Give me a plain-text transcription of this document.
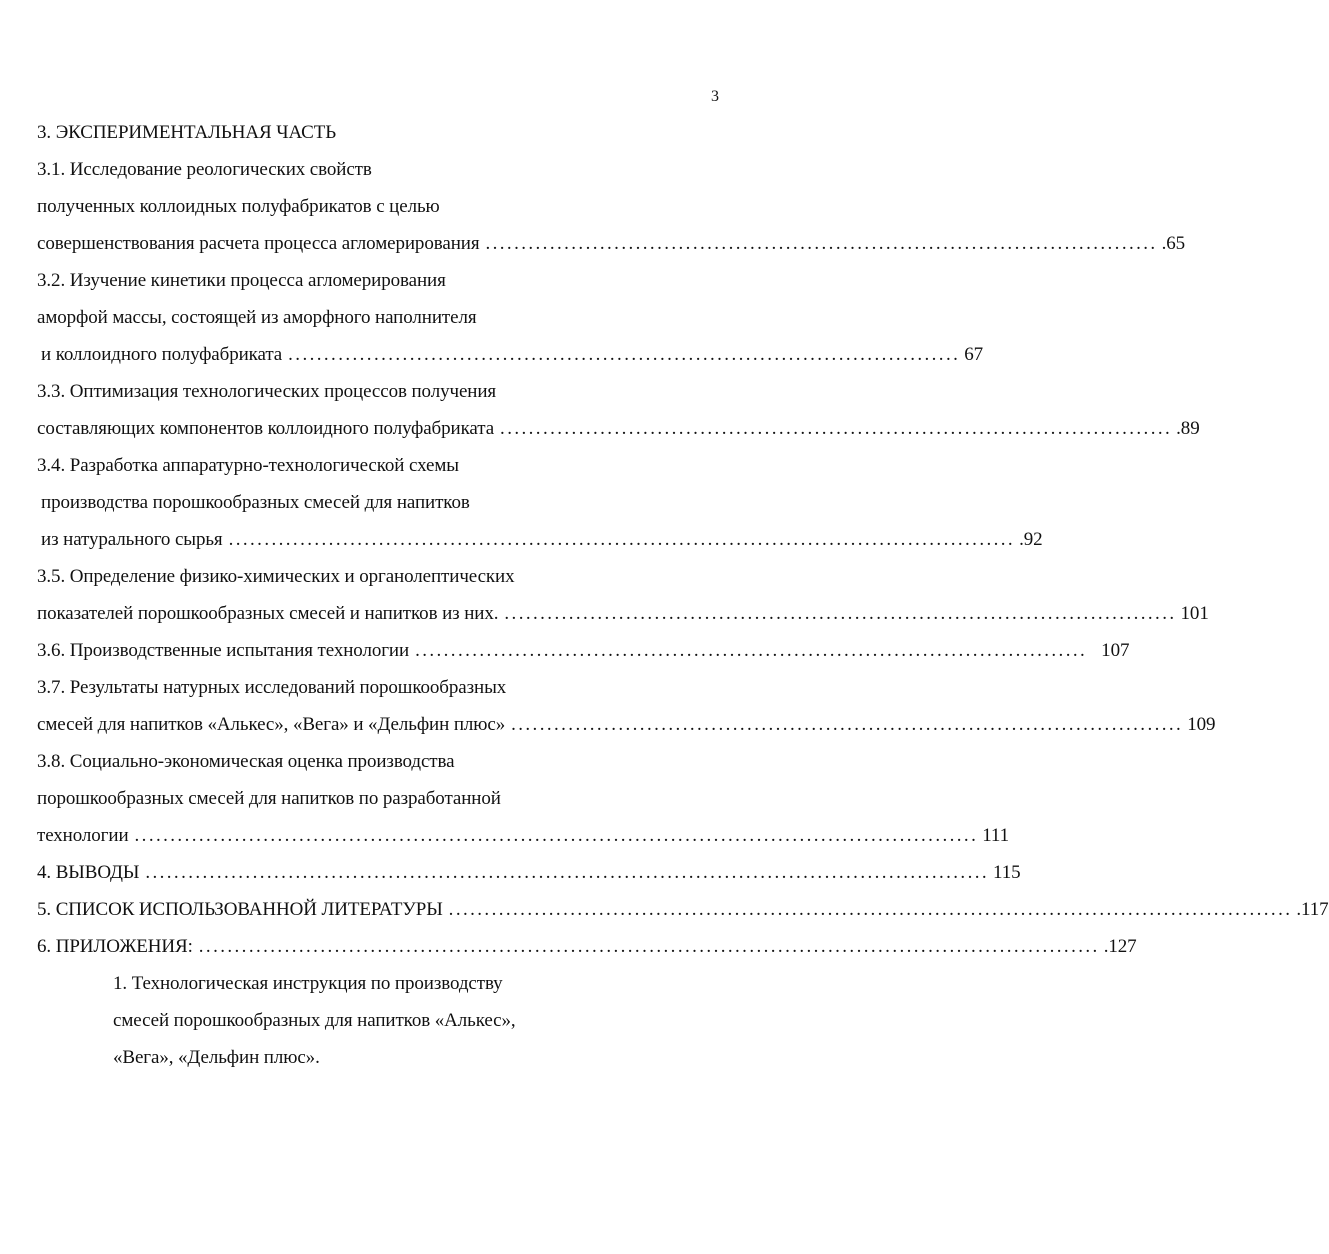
3
3. ЭКСПЕРИМЕНТАЛЬНАЯ ЧАСТЬ
3.1. Исследование реологических свойств
полученных коллоидных полуфабрикатов с целью
совершенствования расчета процесса агломерирования .............................................................................................. .65
3.2. Изучение кинетики процесса агломерирования
аморфой массы, состоящей из аморфного наполнителя
и коллоидного полуфабриката .............................................................................................. 67
3.3. Оптимизация технологических процессов получения
составляющих компонентов коллоидного полуфабриката .............................................................................................. .89
3.4. Разработка аппаратурно-технологической схемы
производства порошкообразных смесей для напитков
из натурального сырья .............................................................................................................. .92
3.5. Определение физико-химических и органолептических
показателей порошкообразных смесей и напитков из них. .............................................................................................. 101
3.6. Производственные испытания технологии .............................................................................................. 107
3.7. Результаты натурных исследований порошкообразных
смесей для напитков «Алькес», «Вега» и «Дельфин плюс» .............................................................................................. 109
3.8. Социально-экономическая оценка производства
порошкообразных смесей для напитков по разработанной
технологии ...................................................................................................................... 111
4. ВЫВОДЫ ...................................................................................................................... 115
5. СПИСОК ИСПОЛЬЗОВАННОЙ ЛИТЕРАТУРЫ ...................................................................................................................... .117
6. ПРИЛОЖЕНИЯ: .............................................................................................................................. .127
1. Технологическая инструкция по производству
смесей порошкообразных для напитков «Алькес»,
«Вега», «Дельфин плюс».
